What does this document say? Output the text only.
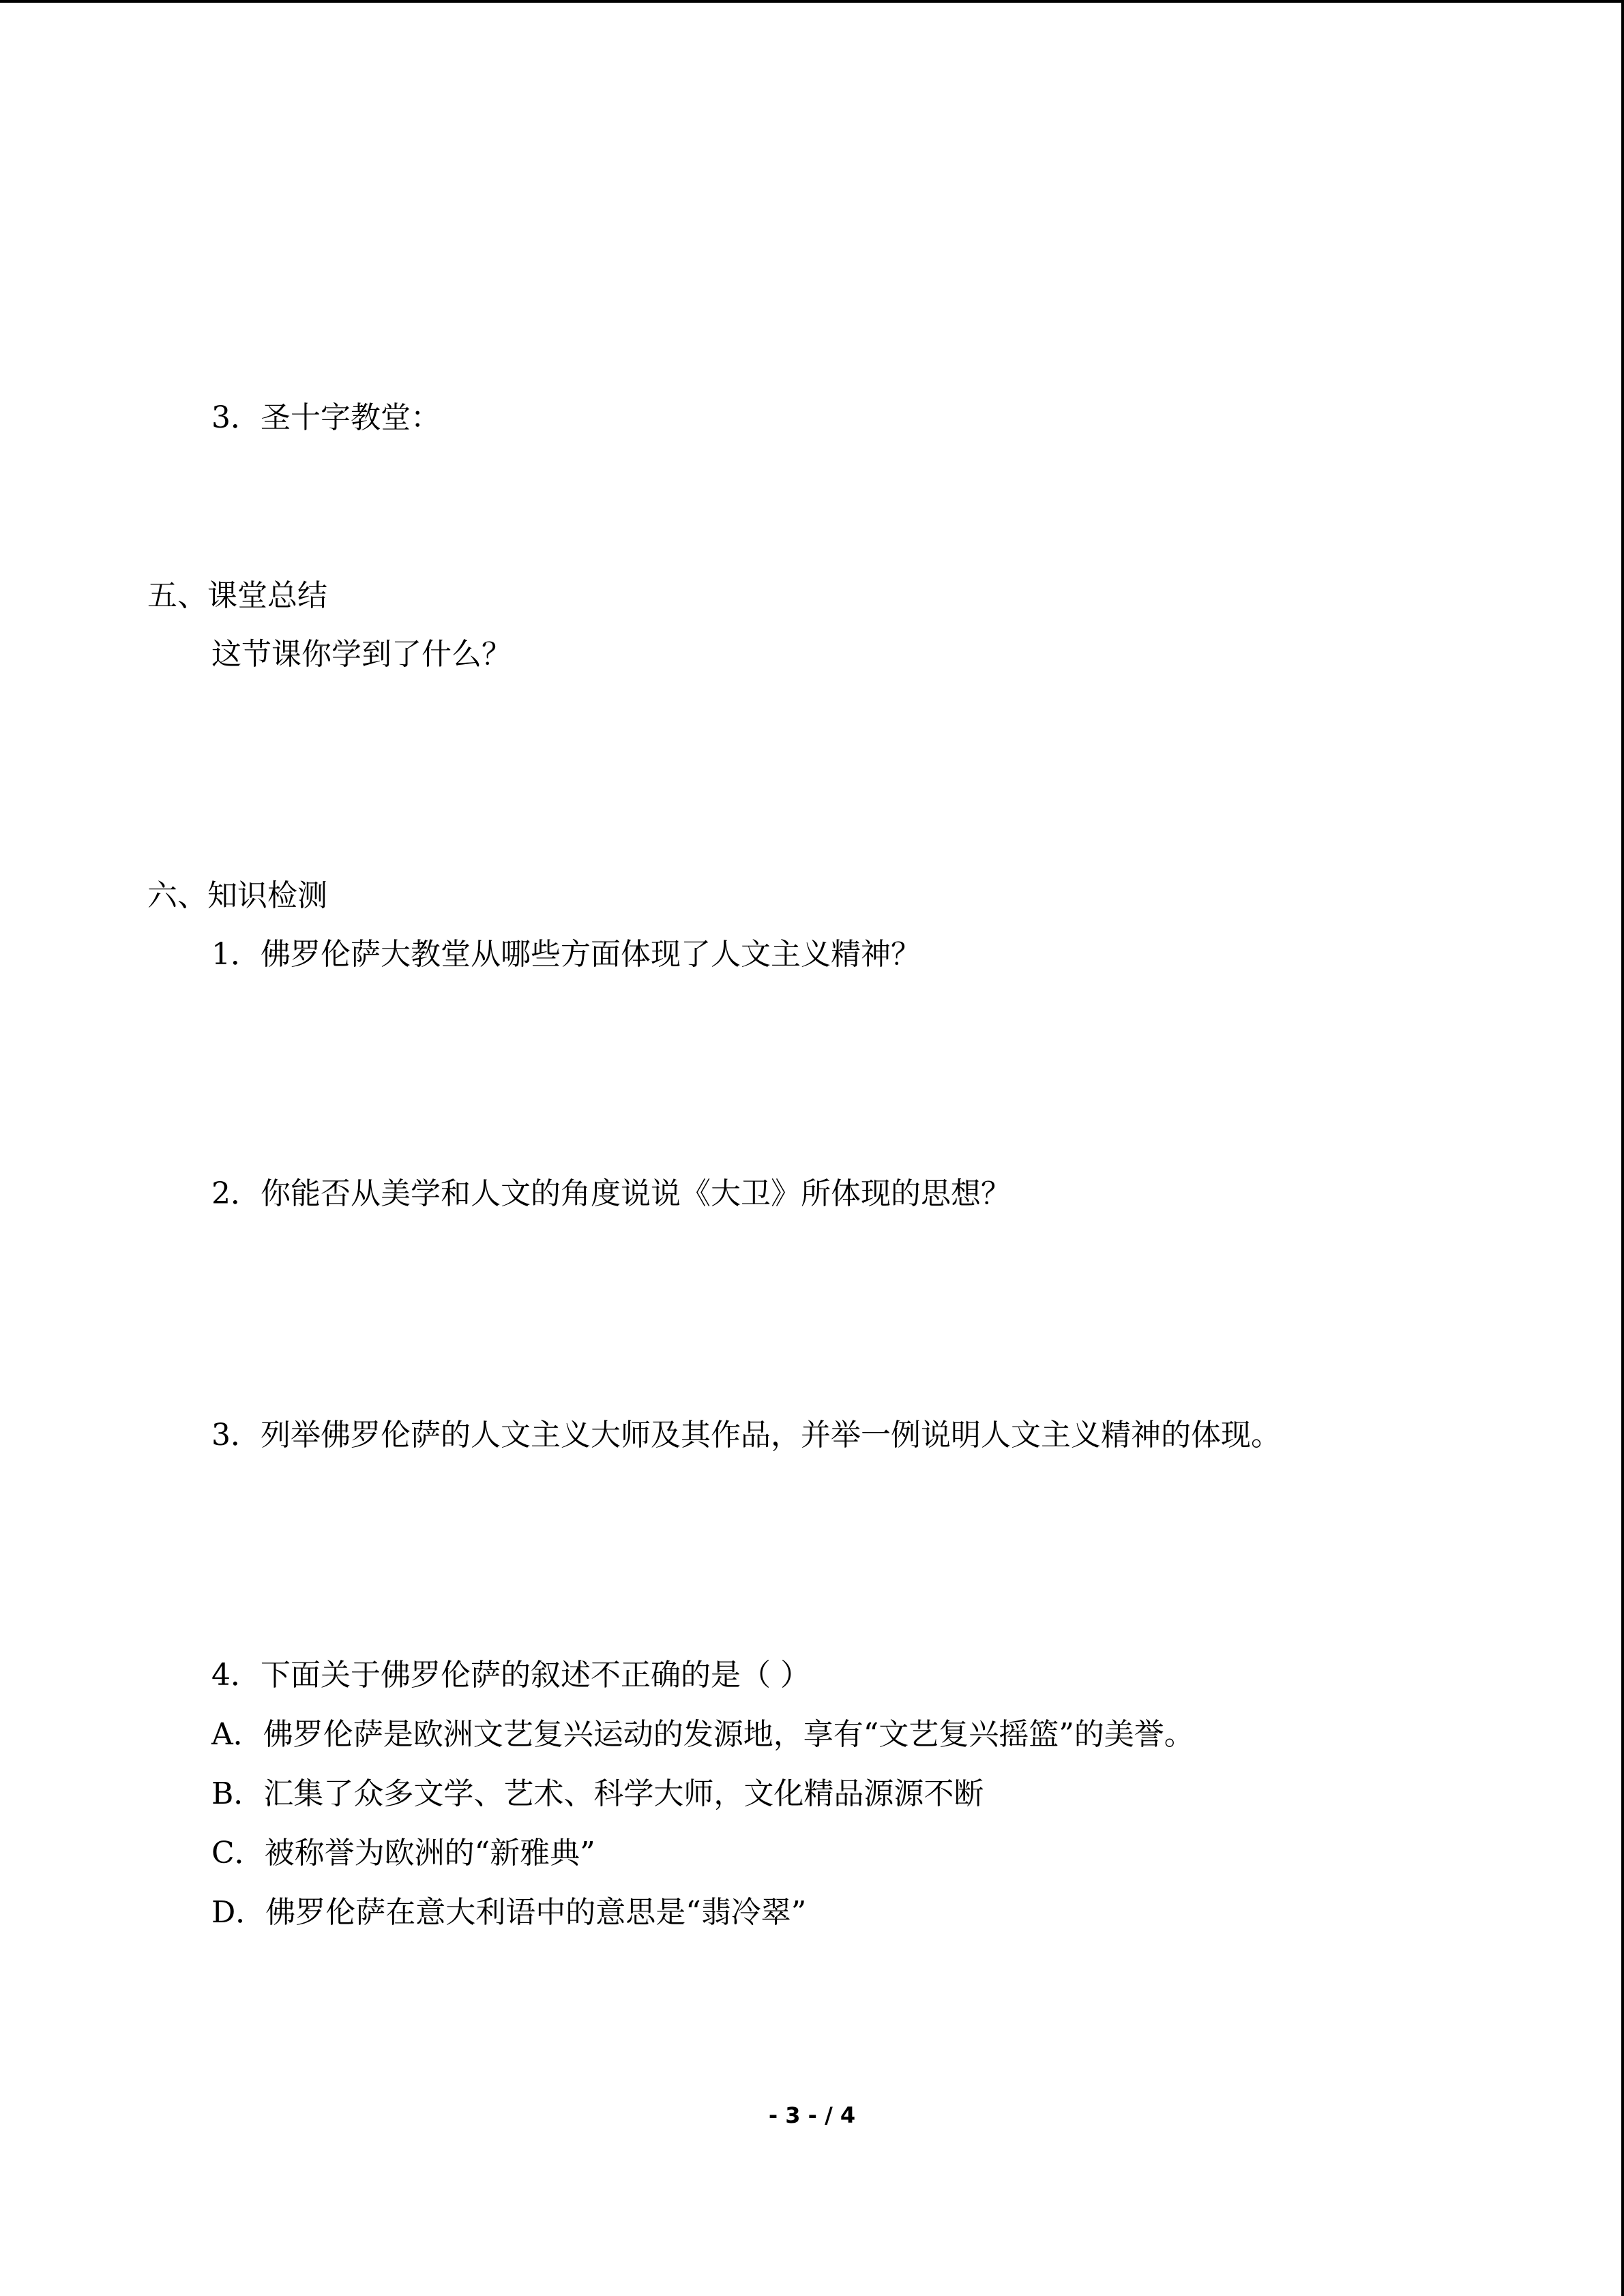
3．圣十字教堂：
五、课堂总结
这节课你学到了什么？
六、知识检测
1．佛罗伦萨大教堂从哪些方面体现了人文主义精神？
2．你能否从美学和人文的角度说说《大卫》所体现的思想？
3．列举佛罗伦萨的人文主义大师及其作品，并举一例说明人文主义精神的体现。
4．下面关于佛罗伦萨的叙述不正确的是（ ）
A．佛罗伦萨是欧洲文艺复兴运动的发源地，享有“文艺复兴摇篮”的美誉。
B．汇集了众多文学、艺术、科学大师，文化精品源源不断
C．被称誉为欧洲的“新雅典”
D．佛罗伦萨在意大利语中的意思是“翡冷翠”
- 3 - / 4
